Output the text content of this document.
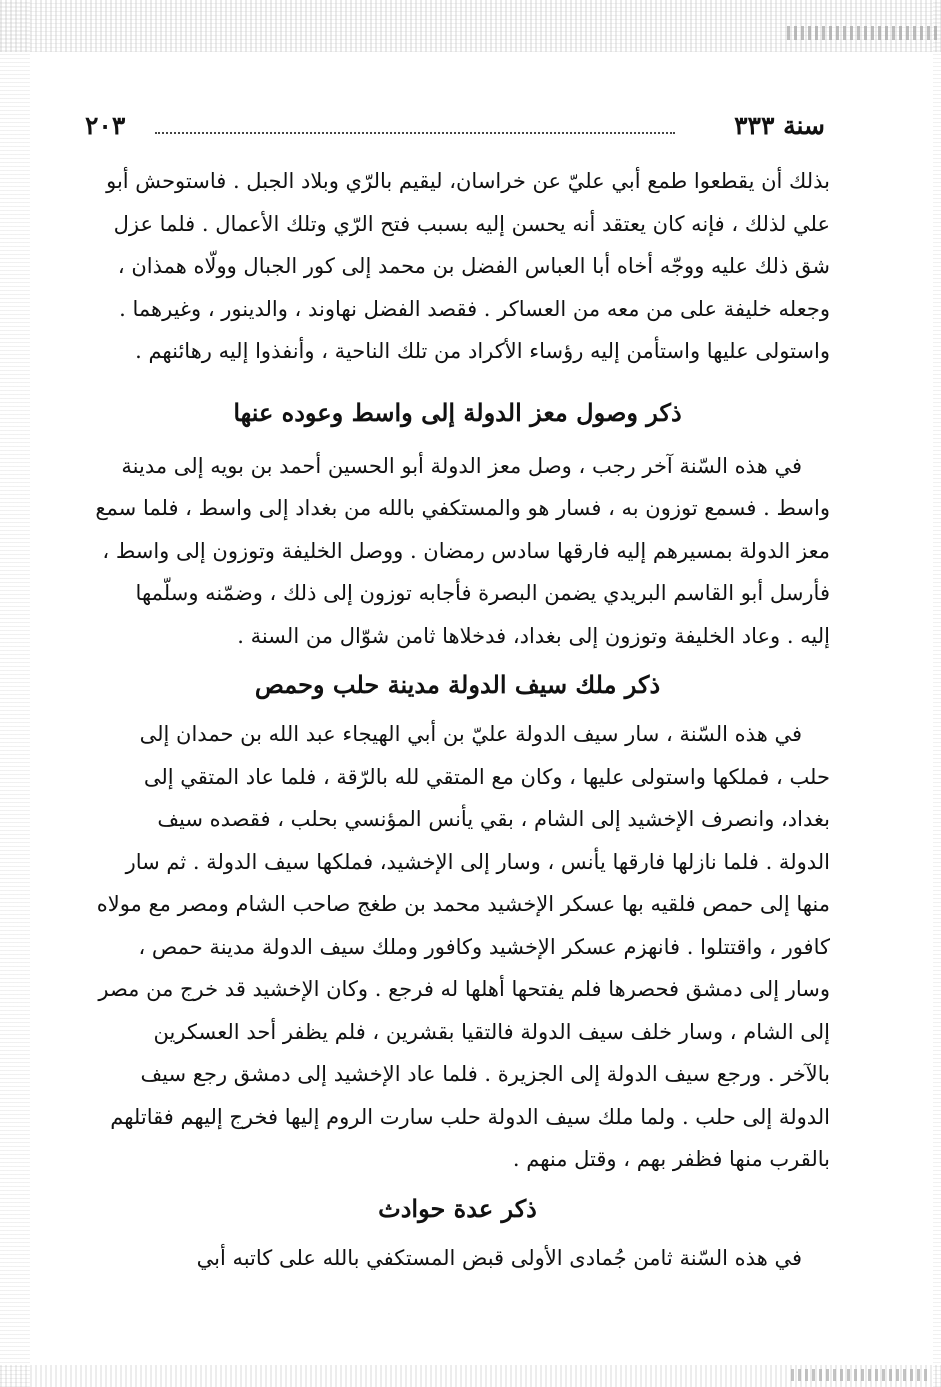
سنة ٣٣٣
٢٠٣
بذلك أن يقطعوا طمع أبي عليّ عن خراسان، ليقيم بالرّي وبلاد الجبل . فاستوحش أبو
علي لذلك ، فإنه كان يعتقد أنه يحسن إليه بسبب فتح الرّي وتلك الأعمال . فلما عزل
شق ذلك عليه ووجّه أخاه أبا العباس الفضل بن محمد إلى كور الجبال وولّاه همذان ،
وجعله خليفة على من معه من العساكر . فقصد الفضل نهاوند ، والدينور ، وغيرهما .
واستولى عليها واستأمن إليه رؤساء الأكراد من تلك الناحية ، وأنفذوا إليه رهائنهم .
ذكر وصول معز الدولة إلى واسط وعوده عنها
في هذه السّنة آخر رجب ، وصل معز الدولة أبو الحسين أحمد بن بويه إلى مدينة
واسط . فسمع توزون به ، فسار هو والمستكفي بالله من بغداد إلى واسط ، فلما سمع
معز الدولة بمسيرهم إليه فارقها سادس رمضان . ووصل الخليفة وتوزون إلى واسط ،
فأرسل أبو القاسم البريدي يضمن البصرة فأجابه توزون إلى ذلك ، وضمّنه وسلّمها
إليه . وعاد الخليفة وتوزون إلى بغداد، فدخلاها ثامن شوّال من السنة .
ذكر ملك سيف الدولة مدينة حلب وحمص
في هذه السّنة ، سار سيف الدولة عليّ بن أبي الهيجاء عبد الله بن حمدان إلى
حلب ، فملكها واستولى عليها ، وكان مع المتقي لله بالرّقة ، فلما عاد المتقي إلى
بغداد، وانصرف الإخشيد إلى الشام ، بقي يأنس المؤنسي بحلب ، فقصده سيف
الدولة . فلما نازلها فارقها يأنس ، وسار إلى الإخشيد، فملكها سيف الدولة . ثم سار
منها إلى حمص فلقيه بها عسكر الإخشيد محمد بن طغج صاحب الشام ومصر مع مولاه
كافور ، واقتتلوا . فانهزم عسكر الإخشيد وكافور وملك سيف الدولة مدينة حمص ،
وسار إلى دمشق فحصرها فلم يفتحها أهلها له فرجع . وكان الإخشيد قد خرج من مصر
إلى الشام ، وسار خلف سيف الدولة فالتقيا بقشرين ، فلم يظفر أحد العسكرين
بالآخر . ورجع سيف الدولة إلى الجزيرة . فلما عاد الإخشيد إلى دمشق رجع سيف
الدولة إلى حلب . ولما ملك سيف الدولة حلب سارت الروم إليها فخرج إليهم فقاتلهم
بالقرب منها فظفر بهم ، وقتل منهم .
ذكر عدة حوادث
في هذه السّنة ثامن جُمادى الأولى قبض المستكفي بالله على كاتبه أبي
